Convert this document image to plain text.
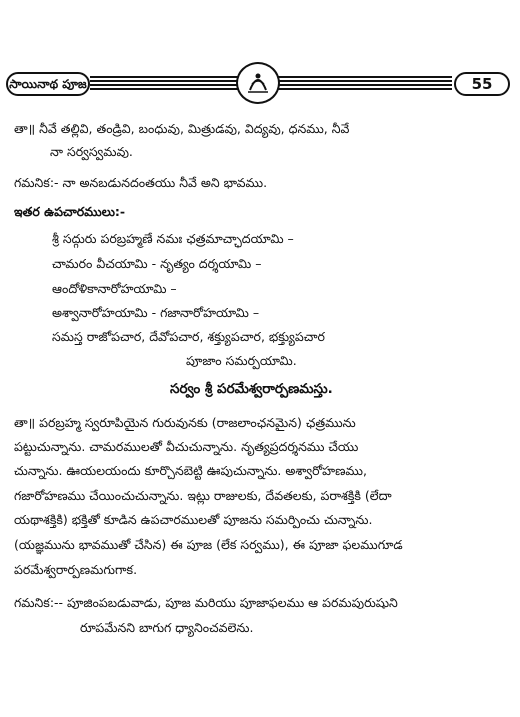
సాయినాథ పూజ	55
తా॥ నీవే తల్లివి, తండ్రివి, బంధువు, మిత్రుడవు, విద్యవు, ధనము, నీవే
నా సర్వస్వమవు.
గమనిక:- నా అనబడునదంతయు నీవే అని భావము.
ఇతర ఉపచారములు:-
శ్రీ సద్గురు పరబ్రహ్మణే నమః ఛత్రమాచ్ఛాదయామి –
చామరం వీచయామి - నృత్యం దర్శయామి –
ఆందోళికానారోహయామి –
అశ్వానారోహయామి - గజానారోహయామి –
సమస్త రాజోపచార, దేవోపచార, శక్త్యుపచార, భక్త్యుపచార
పూజాం సమర్పయామి.
సర్వం శ్రీ పరమేశ్వరార్పణమస్తు.
తా॥ పరబ్రహ్మ స్వరూపియైన గురువునకు (రాజలాంఛనమైన) ఛత్రమును
పట్టుచున్నాను. చామరములతో వీచుచున్నాను. నృత్యప్రదర్శనము చేయు
చున్నాను. ఊయలయందు కూర్చొనబెట్టి ఊపుచున్నాను. అశ్వారోహణము,
గజారోహణము చేయించుచున్నాను. ఇట్లు రాజులకు, దేవతలకు, పరాశక్తికి (లేదా
యథాశక్తికి) భక్తితో కూడిన ఉపచారములతో పూజను సమర్పించు చున్నాను.
(యజ్ఞమును భావముతో చేసిన) ఈ పూజ (లేక సర్వము), ఈ పూజా ఫలముగూడ
పరమేశ్వరార్పణమగుగాక.
గమనిక:-- పూజింపబడువాడు, పూజ మరియు పూజాఫలము ఆ పరమపురుషుని
రూపమేనని బాగుగ ధ్యానించవలెను.
